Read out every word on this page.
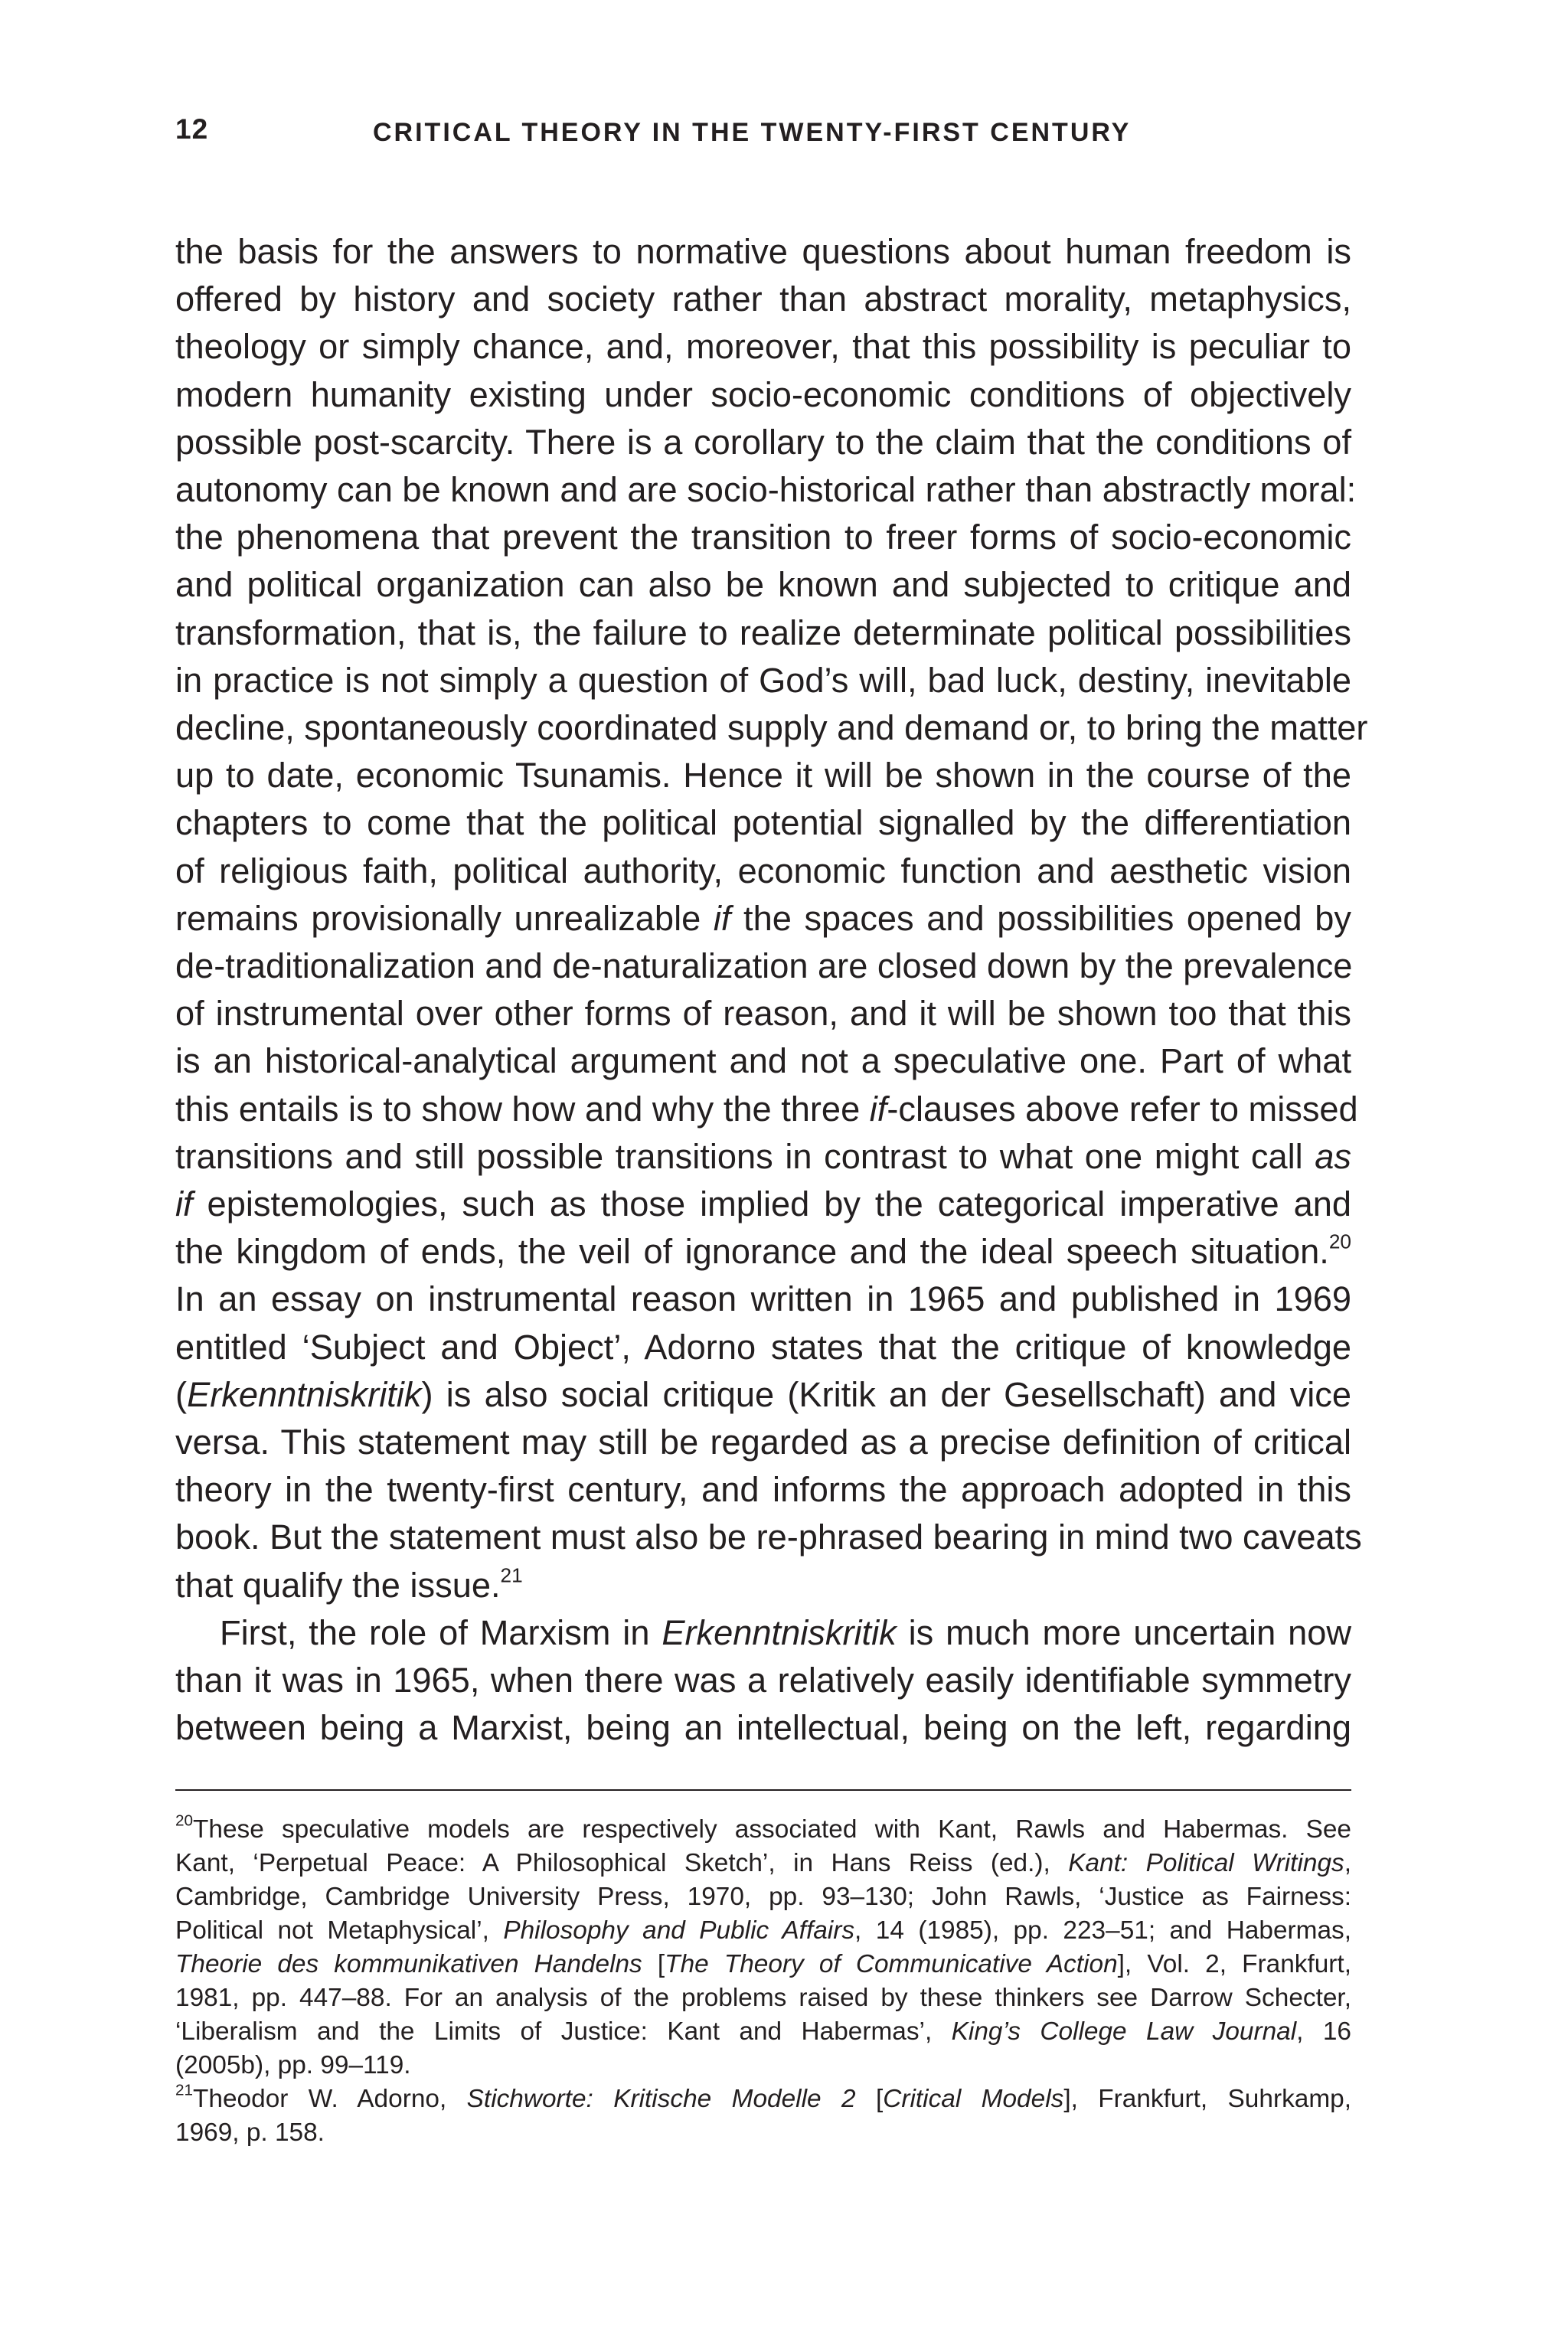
12	CRITICAL THEORY IN THE TWENTY-FIRST CENTURY
the basis for the answers to normative questions about human freedom is
offered by history and society rather than abstract morality, metaphysics,
theology or simply chance, and, moreover, that this possibility is peculiar to
modern humanity existing under socio-economic conditions of objectively
possible post-scarcity. There is a corollary to the claim that the conditions of
autonomy can be known and are socio-historical rather than abstractly moral:
the phenomena that prevent the transition to freer forms of socio-economic
and political organization can also be known and subjected to critique and
transformation, that is, the failure to realize determinate political possibilities
in practice is not simply a question of God’s will, bad luck, destiny, inevitable
decline, spontaneously coordinated supply and demand or, to bring the matter
up to date, economic Tsunamis. Hence it will be shown in the course of the
chapters to come that the political potential signalled by the differentiation
of religious faith, political authority, economic function and aesthetic vision
remains provisionally unrealizable if the spaces and possibilities opened by
de-traditionalization and de-naturalization are closed down by the prevalence
of instrumental over other forms of reason, and it will be shown too that this
is an historical-analytical argument and not a speculative one. Part of what
this entails is to show how and why the three if-clauses above refer to missed
transitions and still possible transitions in contrast to what one might call as
if epistemologies, such as those implied by the categorical imperative and
the kingdom of ends, the veil of ignorance and the ideal speech situation.$^{20}$
In an essay on instrumental reason written in 1965 and published in 1969
entitled ‘Subject and Object’, Adorno states that the critique of knowledge
(Erkenntniskritik) is also social critique (Kritik an der Gesellschaft) and vice
versa. This statement may still be regarded as a precise definition of critical
theory in the twenty-first century, and informs the approach adopted in this
book. But the statement must also be re-phrased bearing in mind two caveats
that qualify the issue.$^{21}$
First, the role of Marxism in Erkenntniskritik is much more uncertain now
than it was in 1965, when there was a relatively easily identifiable symmetry
between being a Marxist, being an intellectual, being on the left, regarding
$^{20}$These speculative models are respectively associated with Kant, Rawls and Habermas. See
Kant, ‘Perpetual Peace: A Philosophical Sketch’, in Hans Reiss (ed.), Kant: Political Writings,
Cambridge, Cambridge University Press, 1970, pp. 93–130; John Rawls, ‘Justice as Fairness:
Political not Metaphysical’, Philosophy and Public Affairs, 14 (1985), pp. 223–51; and Habermas,
Theorie des kommunikativen Handelns [The Theory of Communicative Action], Vol. 2, Frankfurt,
1981, pp. 447–88. For an analysis of the problems raised by these thinkers see Darrow Schecter,
‘Liberalism and the Limits of Justice: Kant and Habermas’, King’s College Law Journal, 16
(2005b), pp. 99–119.
$^{21}$Theodor W. Adorno, Stichworte: Kritische Modelle 2 [Critical Models], Frankfurt, Suhrkamp,
1969, p. 158.
